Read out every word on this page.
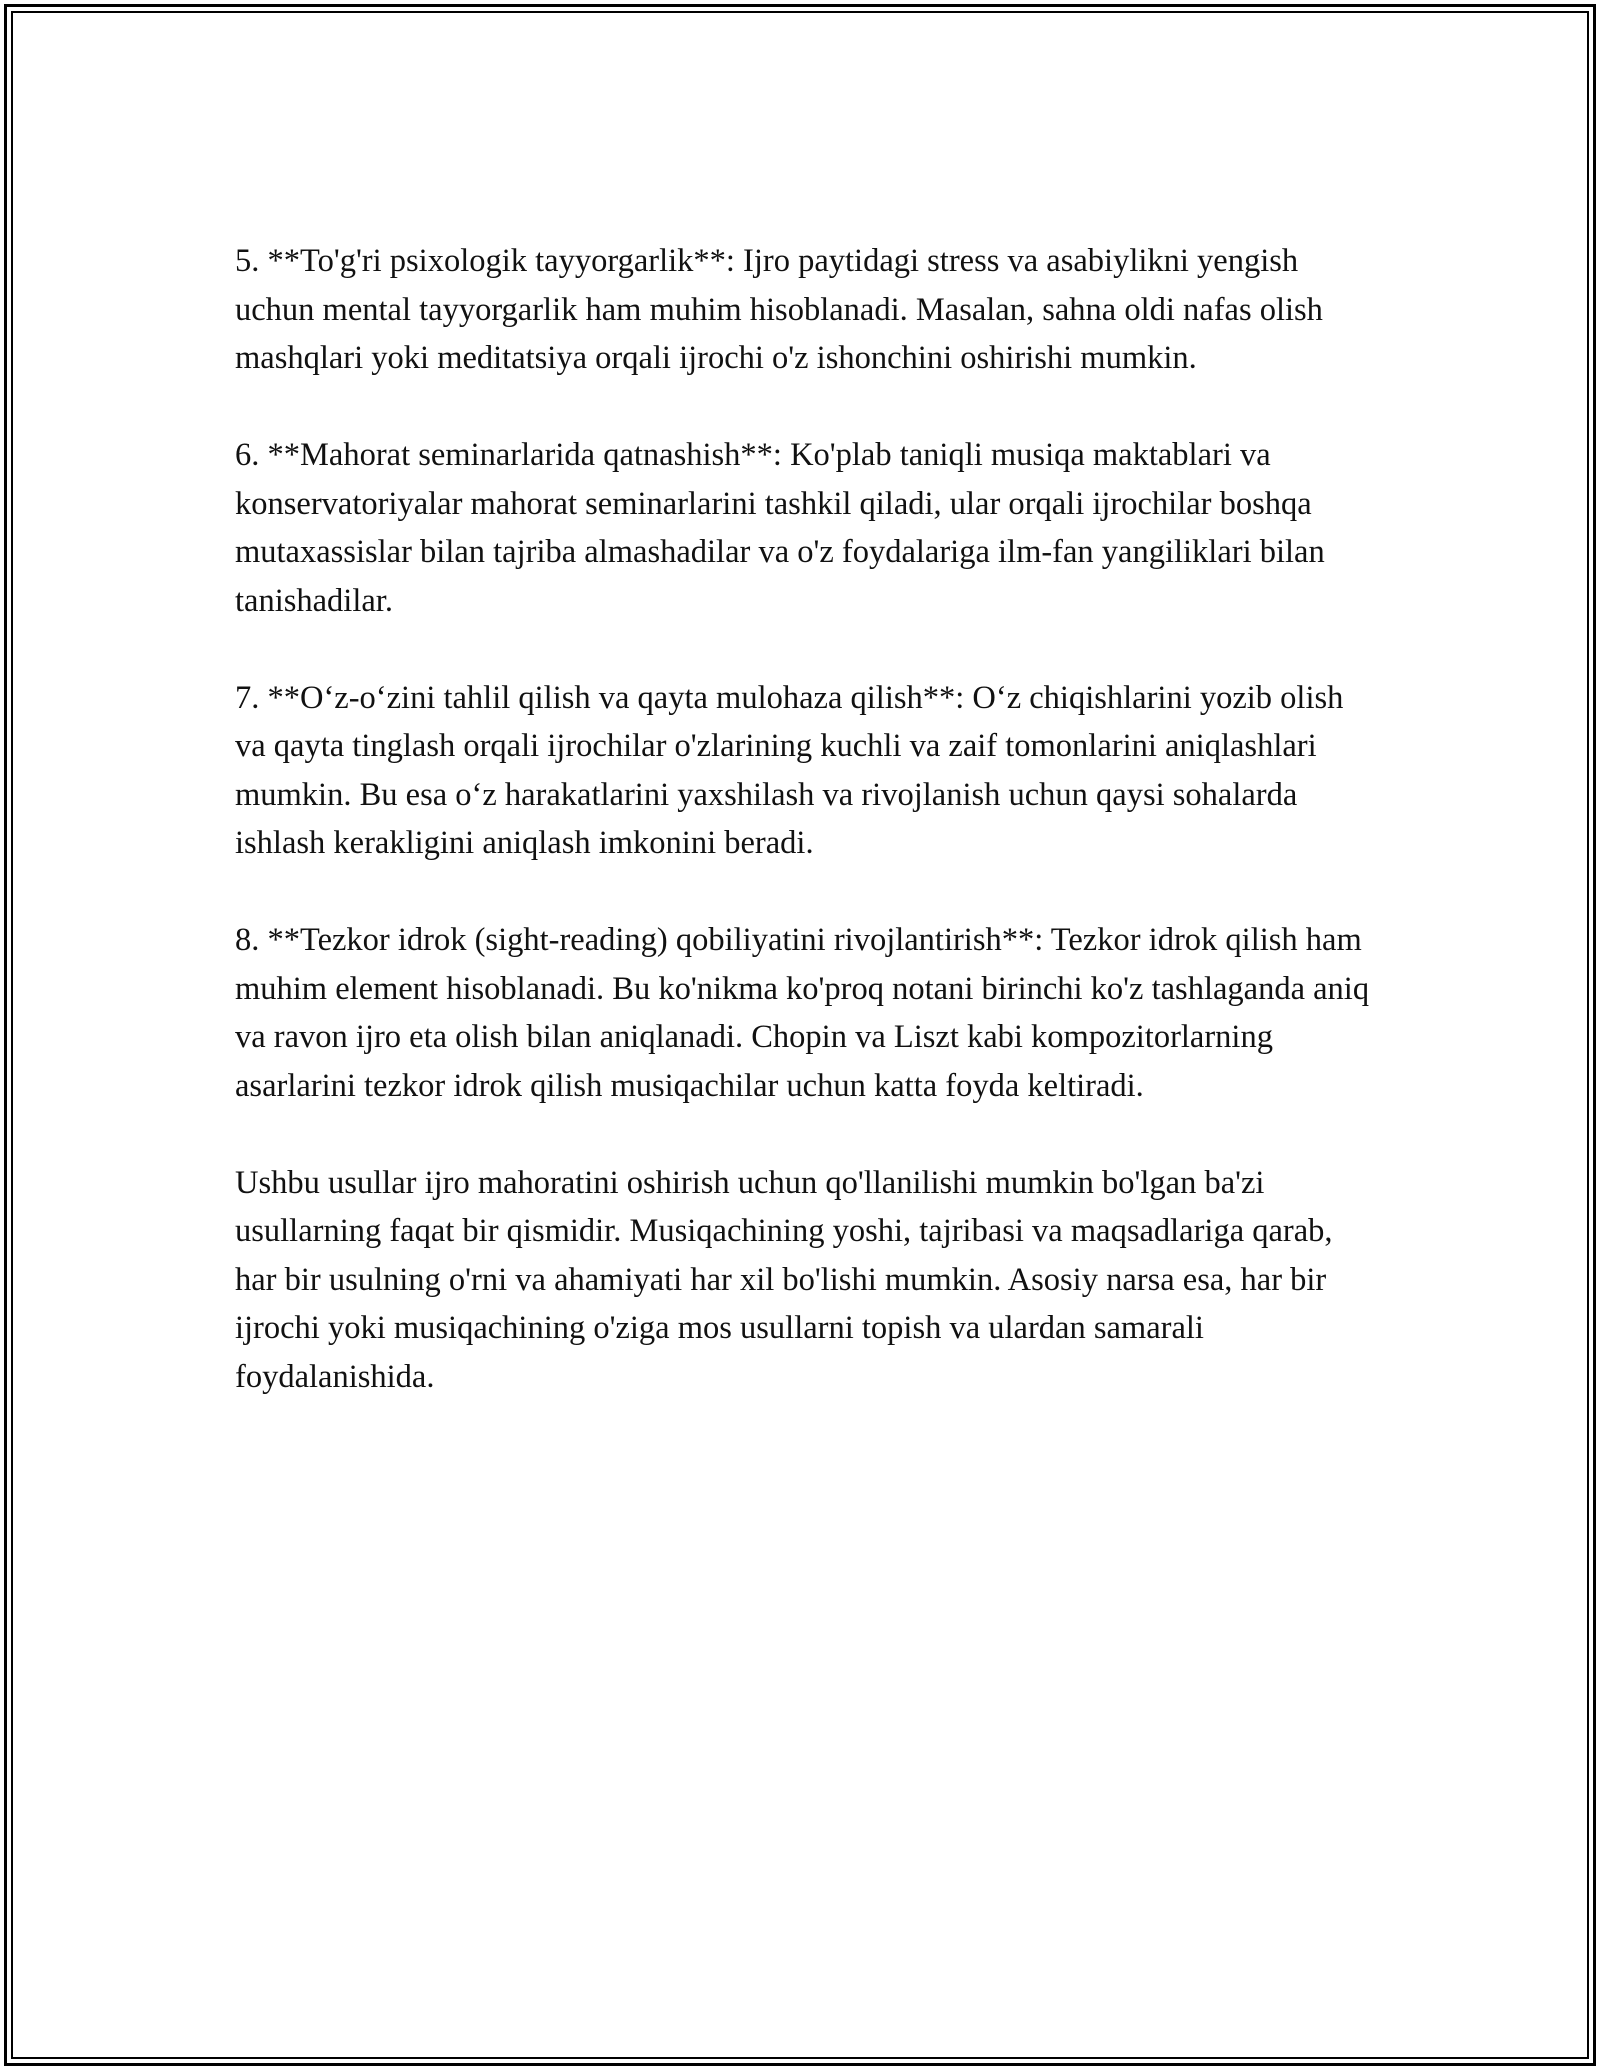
5. **To'g'ri psixologik tayyorgarlik**: Ijro paytidagi stress va asabiylikni yengish uchun mental tayyorgarlik ham muhim hisoblanadi. Masalan, sahna oldi nafas olish mashqlari yoki meditatsiya orqali ijrochi o'z ishonchini oshirishi mumkin.

6. **Mahorat seminarlarida qatnashish**: Ko'plab taniqli musiqa maktablari va konservatoriyalar mahorat seminarlarini tashkil qiladi, ular orqali ijrochilar boshqa mutaxassislar bilan tajriba almashadilar va o'z foydalariga ilm-fan yangiliklari bilan tanishadilar.

7. **O‘z-o‘zini tahlil qilish va qayta mulohaza qilish**: O‘z chiqishlarini yozib olish va qayta tinglash orqali ijrochilar o'zlarining kuchli va zaif tomonlarini aniqlashlari mumkin. Bu esa o‘z harakatlarini yaxshilash va rivojlanish uchun qaysi sohalarda ishlash kerakligini aniqlash imkonini beradi.

8. **Tezkor idrok (sight-reading) qobiliyatini rivojlantirish**: Tezkor idrok qilish ham muhim element hisoblanadi. Bu ko'nikma ko'proq notani birinchi ko'z tashlaganda aniq va ravon ijro eta olish bilan aniqlanadi. Chopin va Liszt kabi kompozitorlarning asarlarini tezkor idrok qilish musiqachilar uchun katta foyda keltiradi.

Ushbu usullar ijro mahoratini oshirish uchun qo'llanilishi mumkin bo'lgan ba'zi usullarning faqat bir qismidir. Musiqachining yoshi, tajribasi va maqsadlariga qarab, har bir usulning o'rni va ahamiyati har xil bo'lishi mumkin. Asosiy narsa esa, har bir ijrochi yoki musiqachining o'ziga mos usullarni topish va ulardan samarali foydalanishida.
